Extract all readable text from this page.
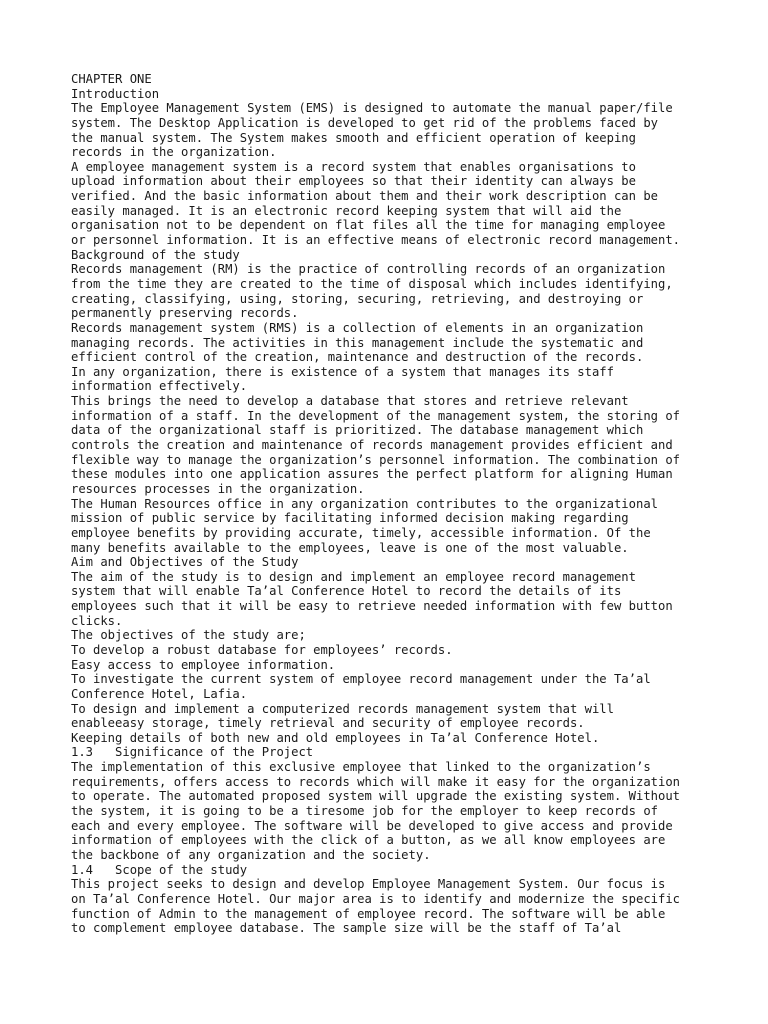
CHAPTER ONE
Introduction
The Employee Management System (EMS) is designed to automate the manual paper/file
system. The Desktop Application is developed to get rid of the problems faced by
the manual system. The System makes smooth and efficient operation of keeping
records in the organization.
A employee management system is a record system that enables organisations to
upload information about their employees so that their identity can always be
verified. And the basic information about them and their work description can be
easily managed. It is an electronic record keeping system that will aid the
organisation not to be dependent on flat files all the time for managing employee
or personnel information. It is an effective means of electronic record management.
Background of the study
Records management (RM) is the practice of controlling records of an organization
from the time they are created to the time of disposal which includes identifying,
creating, classifying, using, storing, securing, retrieving, and destroying or
permanently preserving records.
Records management system (RMS) is a collection of elements in an organization
managing records. The activities in this management include the systematic and
efficient control of the creation, maintenance and destruction of the records.
In any organization, there is existence of a system that manages its staff
information effectively.
This brings the need to develop a database that stores and retrieve relevant
information of a staff. In the development of the management system, the storing of
data of the organizational staff is prioritized. The database management which
controls the creation and maintenance of records management provides efficient and
flexible way to manage the organization’s personnel information. The combination of
these modules into one application assures the perfect platform for aligning Human
resources processes in the organization.
The Human Resources office in any organization contributes to the organizational
mission of public service by facilitating informed decision making regarding
employee benefits by providing accurate, timely, accessible information. Of the
many benefits available to the employees, leave is one of the most valuable.
Aim and Objectives of the Study
The aim of the study is to design and implement an employee record management
system that will enable Ta’al Conference Hotel to record the details of its
employees such that it will be easy to retrieve needed information with few button
clicks.
The objectives of the study are;
To develop a robust database for employees’ records.
Easy access to employee information.
To investigate the current system of employee record management under the Ta’al
Conference Hotel, Lafia.
To design and implement a computerized records management system that will
enableeasy storage, timely retrieval and security of employee records.
Keeping details of both new and old employees in Ta’al Conference Hotel.
1.3   Significance of the Project
The implementation of this exclusive employee that linked to the organization’s
requirements, offers access to records which will make it easy for the organization
to operate. The automated proposed system will upgrade the existing system. Without
the system, it is going to be a tiresome job for the employer to keep records of
each and every employee. The software will be developed to give access and provide
information of employees with the click of a button, as we all know employees are
the backbone of any organization and the society.
1.4   Scope of the study
This project seeks to design and develop Employee Management System. Our focus is
on Ta’al Conference Hotel. Our major area is to identify and modernize the specific
function of Admin to the management of employee record. The software will be able
to complement employee database. The sample size will be the staff of Ta’al
